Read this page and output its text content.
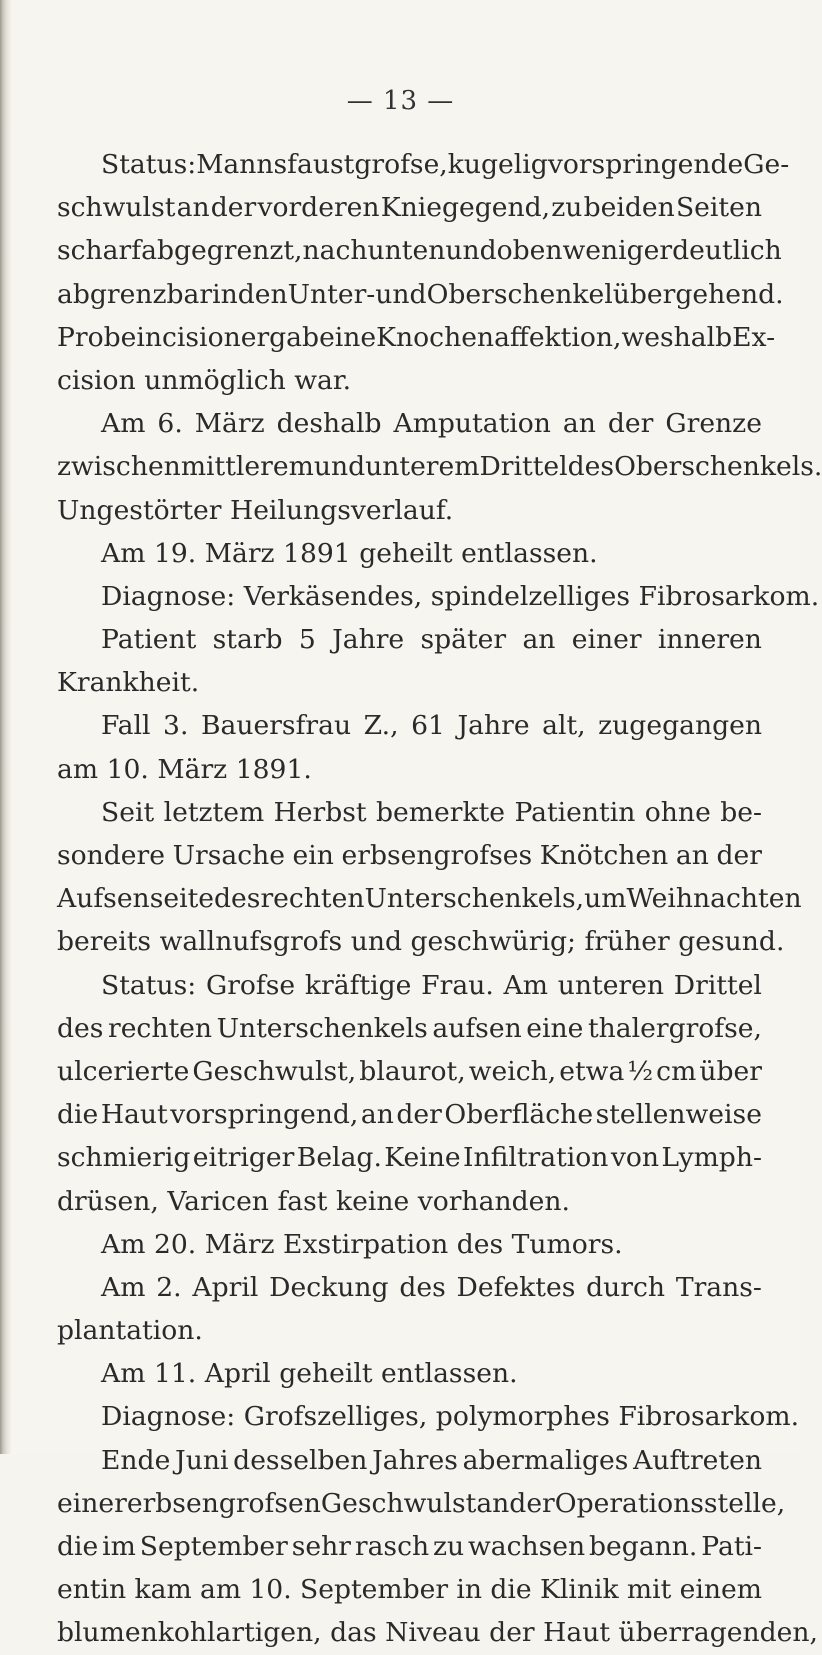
— 13 —
Status: Mannsfaustgrofse, kugelig vorspringende Ge-
schwulst an der vorderen Kniegegend, zu beiden Seiten
scharf abgegrenzt, nach unten und oben weniger deutlich
abgrenzbar in den Unter- und Oberschenkel übergehend.
Probeincision ergab eine Knochenaffektion, weshalb Ex-
cision unmöglich war.
Am 6. März deshalb Amputation an der Grenze
zwischen mittlerem und unterem Drittel des Oberschenkels.
Ungestörter Heilungsverlauf.
Am 19. März 1891 geheilt entlassen.
Diagnose: Verkäsendes, spindelzelliges Fibrosarkom.
Patient starb 5 Jahre später an einer inneren
Krankheit.
Fall 3. Bauersfrau Z., 61 Jahre alt, zugegangen
am 10. März 1891.
Seit letztem Herbst bemerkte Patientin ohne be-
sondere Ursache ein erbsengrofses Knötchen an der
Aufsenseite des rechten Unterschenkels, um Weihnachten
bereits wallnufsgrofs und geschwürig; früher gesund.
Status: Grofse kräftige Frau. Am unteren Drittel
des rechten Unterschenkels aufsen eine thalergrofse,
ulcerierte Geschwulst, blaurot, weich, etwa ½ cm über
die Haut vorspringend, an der Oberfläche stellenweise
schmierig eitriger Belag. Keine Infiltration von Lymph-
drüsen, Varicen fast keine vorhanden.
Am 20. März Exstirpation des Tumors.
Am 2. April Deckung des Defektes durch Trans-
plantation.
Am 11. April geheilt entlassen.
Diagnose: Grofszelliges, polymorphes Fibrosarkom.
Ende Juni desselben Jahres abermaliges Auftreten
einer erbsengrofsen Geschwulst an der Operationsstelle,
die im September sehr rasch zu wachsen begann. Pati-
entin kam am 10. September in die Klinik mit einem
blumenkohlartigen, das Niveau der Haut überragenden,
